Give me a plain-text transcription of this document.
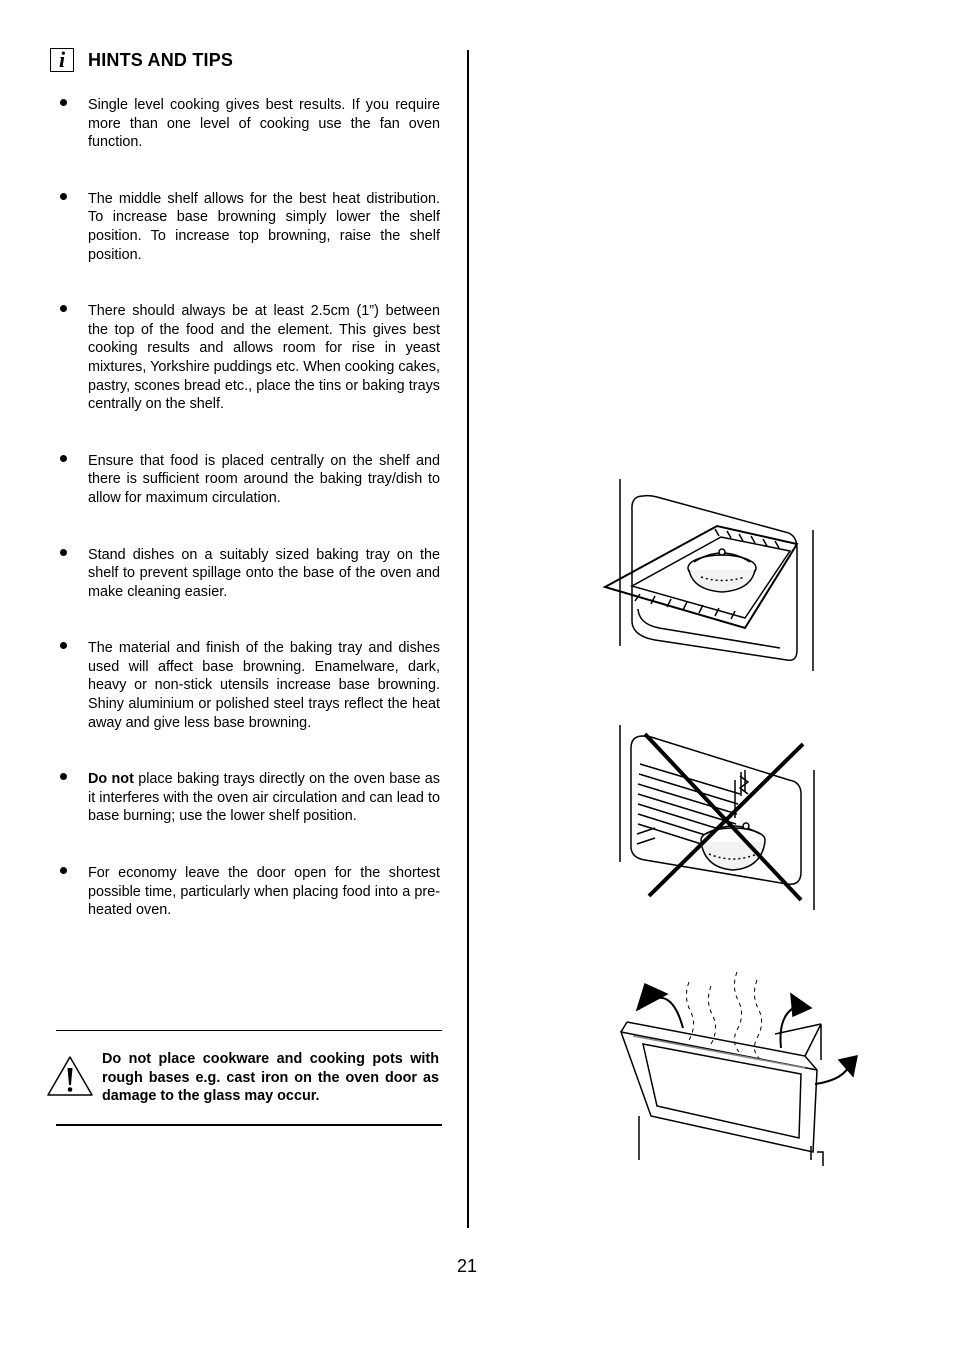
i	HINTS AND TIPS
Single level cooking gives best results. If you require more than one level of cooking use the fan oven function.
The middle shelf allows for the best heat distribution. To increase base browning simply lower the shelf position. To increase top browning, raise the shelf position.
There should always be at least 2.5cm (1”) between the top of the food and the element. This gives best cooking results and allows room for rise in yeast mixtures, Yorkshire puddings etc. When cooking cakes, pastry, scones bread etc., place the tins or baking trays centrally on the shelf.
Ensure that food is placed centrally on the shelf and there is sufficient room around the baking tray/dish to allow for maximum circulation.
Stand dishes on a suitably sized baking tray on the shelf to prevent spillage onto the base of the oven and make cleaning easier.
The material and finish of the baking tray and dishes used will affect base browning. Enamelware, dark, heavy or non-stick utensils increase base browning. Shiny aluminium or polished steel trays reflect the heat away and give less base browning.
Do not place baking trays directly on the oven base as it interferes with the oven air circulation and can lead to base burning; use the lower shelf position.
For economy leave the door open for the shortest possible time, particularly when placing food into a pre-heated oven.
Do not place cookware and cooking pots with rough bases e.g. cast iron on the oven door as damage to the glass may occur.
21
